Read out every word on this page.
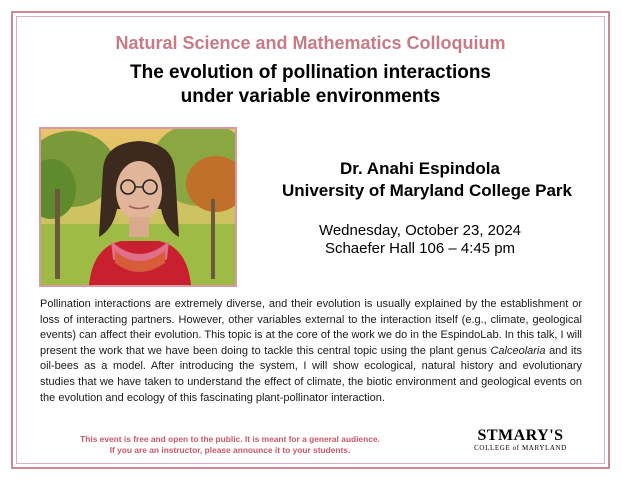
Natural Science and Mathematics Colloquium
The evolution of pollination interactions
under variable environments
Dr. Anahi Espindola
University of Maryland College Park
Wednesday, October 23, 2024
Schaefer Hall 106 – 4:45 pm
Pollination interactions are extremely diverse, and their evolution is usually explained by the establishment or loss of interacting partners. However, other variables external to the interaction itself (e.g., climate, geological events) can affect their evolution. This topic is at the core of the work we do in the EspindoLab. In this talk, I will present the work that we have been doing to tackle this central topic using the plant genus Calceolaria and its oil-bees as a model. After introducing the system, I will show ecological, natural history and evolutionary studies that we have taken to understand the effect of climate, the biotic environment and geological events on the evolution and ecology of this fascinating plant-pollinator interaction.
This event is free and open to the public. It is meant for a general audience.
If you are an instructor, please announce it to your students.
STMARY'S
COLLEGE of MARYLAND
